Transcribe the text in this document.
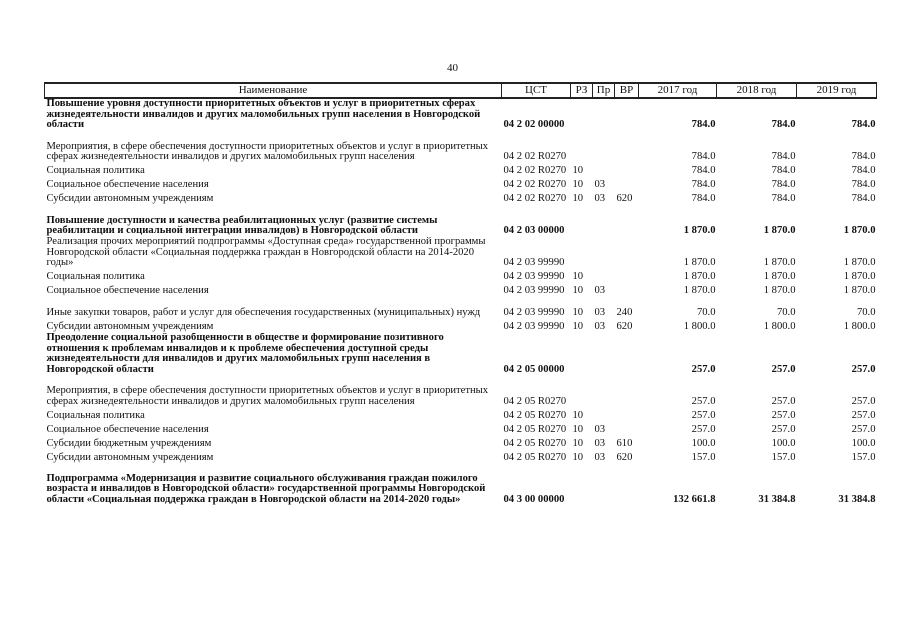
40
Наименование	ЦСТ	РЗ	Пр	ВР	2017 год	2018 год	2019 год
Повышение уровня доступности приоритетных объектов и услуг в приоритетных сферах жизнедеятельности инвалидов и других маломобильных групп населения в Новгородской области	04 2 02 00000				784.0	784.0	784.0
Мероприятия, в сфере обеспечения доступности приоритетных объектов и услуг в приоритетных сферах жизнедеятельности инвалидов и других маломобильных групп населения	04 2 02 R0270				784.0	784.0	784.0
Социальная политика	04 2 02 R0270	10			784.0	784.0	784.0
Социальное обеспечение населения	04 2 02 R0270	10	03		784.0	784.0	784.0
Субсидии автономным учреждениям	04 2 02 R0270	10	03	620	784.0	784.0	784.0
Повышение доступности и качества реабилитационных услуг (развитие системы реабилитации и социальной интеграции инвалидов) в Новгородской области	04 2 03 00000				1 870.0	1 870.0	1 870.0
Реализация прочих мероприятий подпрограммы «Доступная среда» государственной программы Новгородской области «Социальная поддержка граждан в Новгородской области на 2014-2020 годы»	04 2 03 99990				1 870.0	1 870.0	1 870.0
Социальная политика	04 2 03 99990	10			1 870.0	1 870.0	1 870.0
Социальное обеспечение населения	04 2 03 99990	10	03		1 870.0	1 870.0	1 870.0
Иные закупки товаров, работ и услуг для обеспечения государственных (муниципальных) нужд	04 2 03 99990	10	03	240	70.0	70.0	70.0
Субсидии автономным учреждениям	04 2 03 99990	10	03	620	1 800.0	1 800.0	1 800.0
Преодоление социальной разобщенности в обществе и формирование позитивного отношения к проблемам инвалидов и к проблеме обеспечения доступной среды жизнедеятельности для инвалидов и других маломобильных групп населения в Новгородской области	04 2 05 00000				257.0	257.0	257.0
Мероприятия, в сфере обеспечения доступности приоритетных объектов и услуг в приоритетных сферах жизнедеятельности инвалидов и других маломобильных групп населения	04 2 05 R0270				257.0	257.0	257.0
Социальная политика	04 2 05 R0270	10			257.0	257.0	257.0
Социальное обеспечение населения	04 2 05 R0270	10	03		257.0	257.0	257.0
Субсидии бюджетным учреждениям	04 2 05 R0270	10	03	610	100.0	100.0	100.0
Субсидии автономным учреждениям	04 2 05 R0270	10	03	620	157.0	157.0	157.0
Подпрограмма «Модернизация и развитие социального обслуживания граждан пожилого возраста и инвалидов в Новгородской области» государственной программы Новгородской области «Социальная поддержка граждан в Новгородской области на 2014-2020 годы»	04 3 00 00000				132 661.8	31 384.8	31 384.8
